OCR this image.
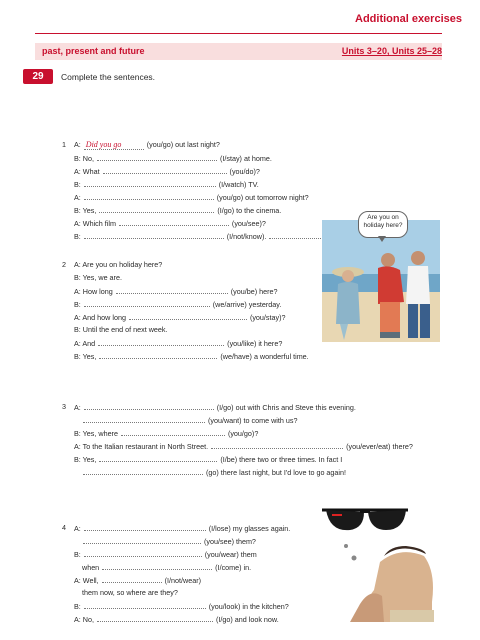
Additional exercises
past, present and future	Units 3–20, Units 25–28
29	Complete the sentences.
1 A: Did you go	(you/go) out last night?
B: No,	(I/stay) at home.
A: What	(you/do)?
B:	(I/watch) TV.
A:	(you/go) out tomorrow night?
B: Yes,	(I/go) to the cinema.
A: Which film	(you/see)?
B:	(I/not/know).
2 A: Are you on holiday here?
B: Yes, we are.
A: How long	(you/be) here?
B:	(we/arrive) yesterday.
A: And how long	(you/stay)?
B: Until the end of next week.
A: And	(you/like) it here?
B: Yes,	(we/have) a wonderful time.
Are you on holiday here?
3 A:	(I/go) out with Chris and Steve this evening.
(you/want) to come with us?
B: Yes, where	(you/go)?
A: To the Italian restaurant in North Street.	(you/ever/eat) there?
B: Yes,	(I/be) there two or three times. In fact I
(go) there last night, but I'd love to go again!
4 A:	(I/lose) my glasses again.
(you/see) them?
B:	(you/wear) them
when	(I/come) in.
A: Well,	(I/not/wear)
them now, so where are they?
B:	(you/look) in the kitchen?
A: No,	(I/go) and look now.
